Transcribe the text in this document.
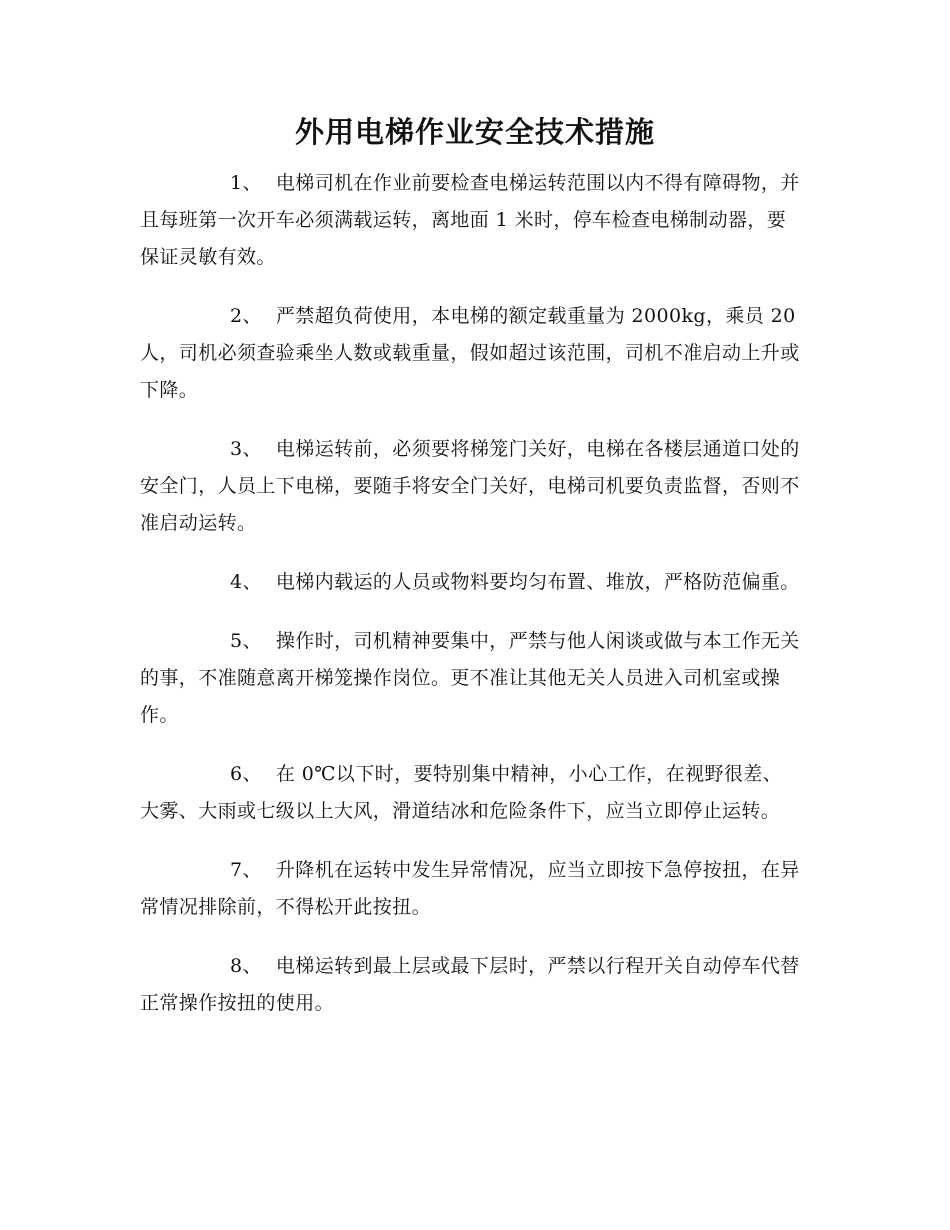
外用电梯作业安全技术措施

1、 电梯司机在作业前要检查电梯运转范围以内不得有障碍物，并且每班第一次开车必须满载运转，离地面 1 米时，停车检查电梯制动器，要保证灵敏有效。

2、 严禁超负荷使用，本电梯的额定载重量为 2000kg，乘员 20 人，司机必须查验乘坐人数或载重量，假如超过该范围，司机不准启动上升或下降。

3、 电梯运转前，必须要将梯笼门关好，电梯在各楼层通道口处的安全门，人员上下电梯，要随手将安全门关好，电梯司机要负责监督，否则不准启动运转。

4、 电梯内载运的人员或物料要均匀布置、堆放，严格防范偏重。

5、 操作时，司机精神要集中，严禁与他人闲谈或做与本工作无关的事，不准随意离开梯笼操作岗位。更不准让其他无关人员进入司机室或操作。

6、 在 0℃以下时，要特别集中精神，小心工作，在视野很差、大雾、大雨或七级以上大风，滑道结冰和危险条件下，应当立即停止运转。

7、 升降机在运转中发生异常情况，应当立即按下急停按扭，在异常情况排除前，不得松开此按扭。

8、 电梯运转到最上层或最下层时，严禁以行程开关自动停车代替正常操作按扭的使用。
